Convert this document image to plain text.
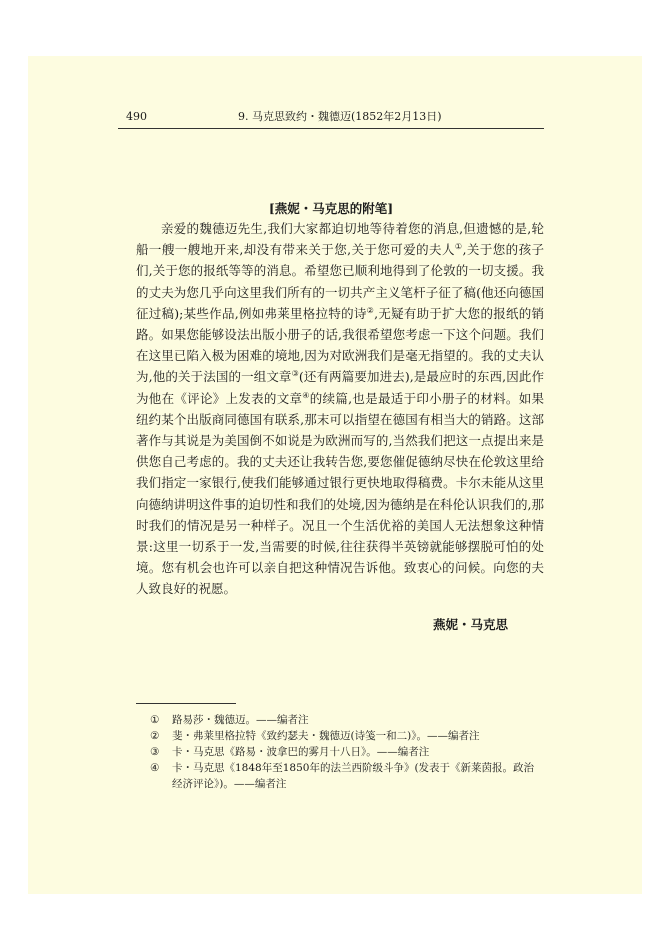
490	9. 马克思致约・魏德迈(1852年2月13日)
[燕妮・马克思的附笔]

亲爱的魏德迈先生,我们大家都迫切地等待着您的消息,但遗憾的是,轮船一艘一艘地开来,却没有带来关于您,关于您可爱的夫人①,关于您的孩子们,关于您的报纸等等的消息。希望您已顺利地得到了伦敦的一切支援。我的丈夫为您几乎向这里我们所有的一切共产主义笔杆子征了稿(他还向德国征过稿);某些作品,例如弗莱里格拉特的诗②,无疑有助于扩大您的报纸的销路。如果您能够设法出版小册子的话,我很希望您考虑一下这个问题。我们在这里已陷入极为困难的境地,因为对欧洲我们是毫无指望的。我的丈夫认为,他的关于法国的一组文章③(还有两篇要加进去),是最应时的东西,因此作为他在《评论》上发表的文章④的续篇,也是最适于印小册子的材料。如果纽约某个出版商同德国有联系,那末可以指望在德国有相当大的销路。这部著作与其说是为美国倒不如说是为欧洲而写的,当然我们把这一点提出来是供您自己考虑的。我的丈夫还让我转告您,要您催促德纳尽快在伦敦这里给我们指定一家银行,使我们能够通过银行更快地取得稿费。卡尔未能从这里向德纳讲明这件事的迫切性和我们的处境,因为德纳是在科伦认识我们的,那时我们的情况是另一种样子。况且一个生活优裕的美国人无法想象这种情景:这里一切系于一发,当需要的时候,往往获得半英镑就能够摆脱可怕的处境。您有机会也许可以亲自把这种情况告诉他。致衷心的问候。向您的夫人致良好的祝愿。

燕妮・马克思
① 路易莎・魏德迈。——编者注
② 斐・弗莱里格拉特《致约瑟夫・魏德迈(诗笺一和二)》。——编者注
③ 卡・马克思《路易・波拿巴的雾月十八日》。——编者注
④ 卡・马克思《1848年至1850年的法兰西阶级斗争》(发表于《新莱茵报。政治经济评论》)。——编者注
